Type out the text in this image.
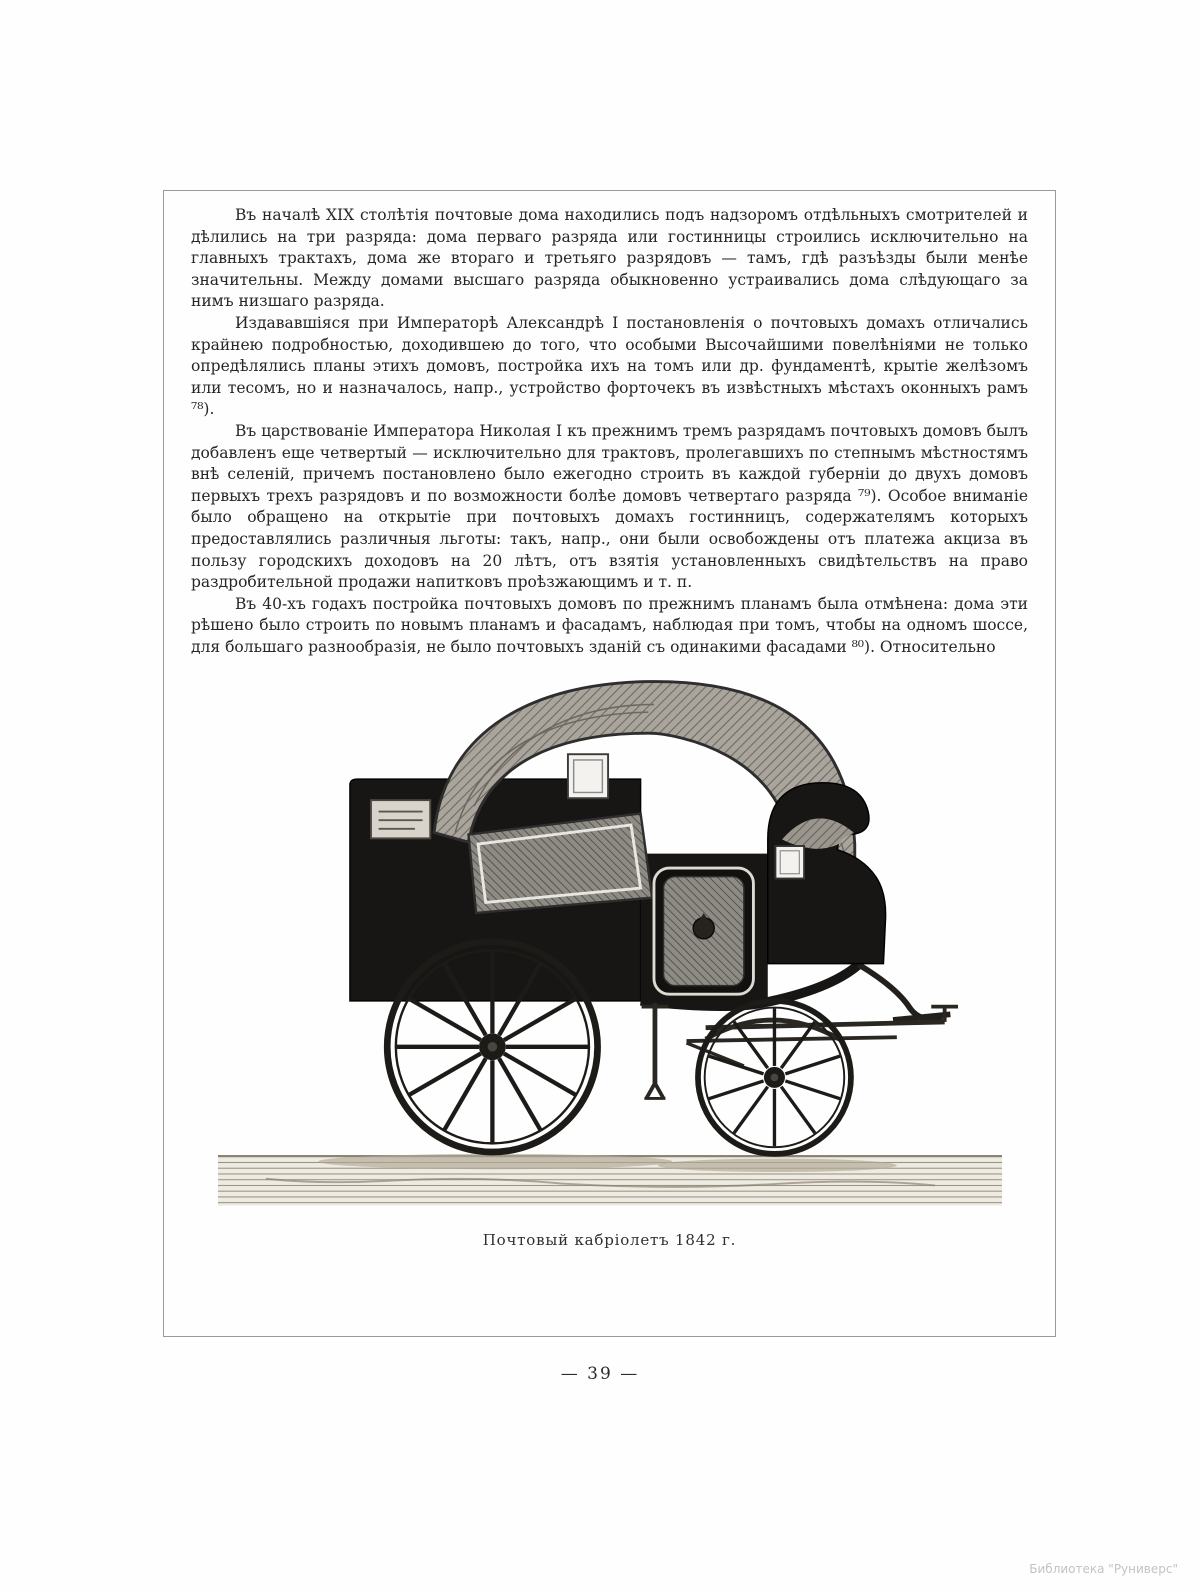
Въ началѣ XIX столѣтія почтовые дома находились подъ надзоромъ отдѣльныхъ смотрителей и дѣлились на три разряда: дома перваго разряда или гостинницы строились исключительно на главныхъ трактахъ, дома же втораго и третьяго разрядовъ — тамъ, гдѣ разъѣзды были менѣе значительны. Между домами высшаго разряда обыкновенно устраивались дома слѣдующаго за нимъ низшаго разряда.

Издававшіяся при Императорѣ Александрѣ I постановленія о почтовыхъ домахъ отличались крайнею подробностью, доходившею до того, что особыми Высочайшими повелѣніями не только опредѣлялись планы этихъ домовъ, постройка ихъ на томъ или др. фундаментѣ, крытіе желѣзомъ или тесомъ, но и назначалось, напр., устройство форточекъ въ извѣстныхъ мѣстахъ оконныхъ рамъ ⁷⁸).

Въ царствованіе Императора Николая I къ прежнимъ тремъ разрядамъ почтовыхъ домовъ былъ добавленъ еще четвертый — исключительно для трактовъ, пролегавшихъ по степнымъ мѣстностямъ внѣ селеній, причемъ постановлено было ежегодно строить въ каждой губерніи до двухъ домовъ первыхъ трехъ разрядовъ и по возможности болѣе домовъ четвертаго разряда ⁷⁹). Особое вниманіе было обращено на открытіе при почтовыхъ домахъ гостинницъ, содержателямъ которыхъ предоставлялись различныя льготы: такъ, напр., они были освобождены отъ платежа акциза въ пользу городскихъ доходовъ на 20 лѣтъ, отъ взятія установленныхъ свидѣтельствъ на право раздробительной продажи напитковъ проѣзжающимъ и т. п.

Въ 40-хъ годахъ постройка почтовыхъ домовъ по прежнимъ планамъ была отмѣнена: дома эти рѣшено было строить по новымъ планамъ и фасадамъ, наблюдая при томъ, чтобы на одномъ шоссе, для большаго разнообразія, не было почтовыхъ зданій съ одинакими фасадами ⁸⁰). Относительно

Почтовый кабріолетъ 1842 г.
— 39 —
Библиотека "Руниверс"
